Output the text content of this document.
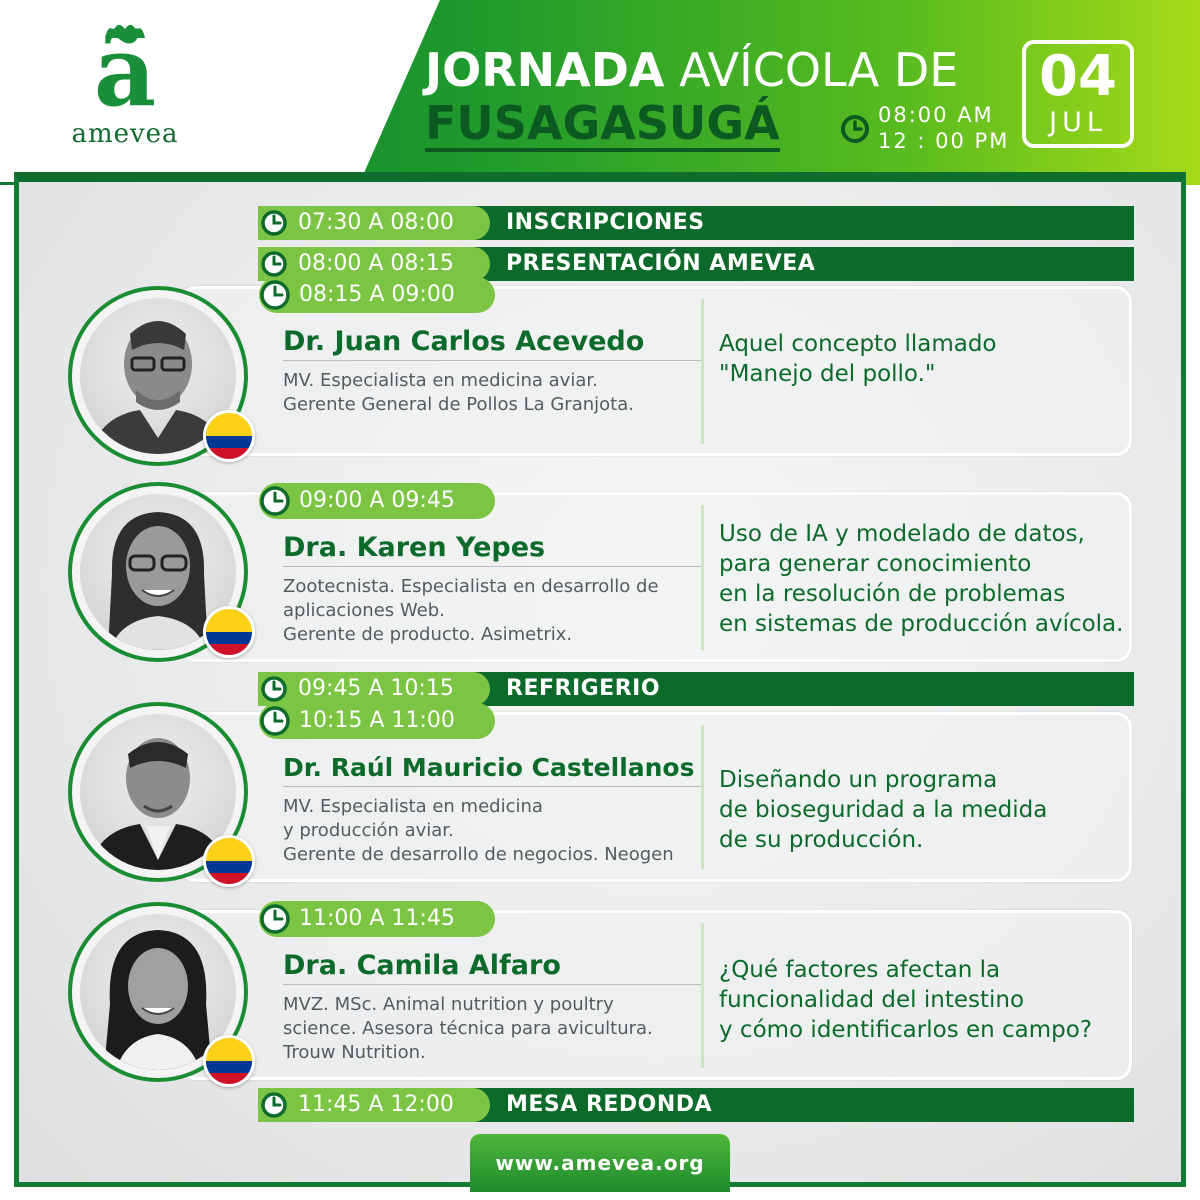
ã
amevea
JORNADA AVÍCOLA DE
FUSAGASUGÁ	08:00 AM
12 : 00 PM
04
JUL
07:30 A 08:00 INSCRIPCIONES
08:00 A 08:15 PRESENTACIÓN AMEVEA
08:15 A 09:00
Dr. Juan Carlos Acevedo
MV. Especialista en medicina aviar.
Gerente General de Pollos La Granjota.
Aquel concepto llamado
"Manejo del pollo."
09:00 A 09:45
Dra. Karen Yepes
Zootecnista. Especialista en desarrollo de
aplicaciones Web.
Gerente de producto. Asimetrix.
Uso de IA y modelado de datos,
para generar conocimiento
en la resolución de problemas
en sistemas de producción avícola.
09:45 A 10:15 REFRIGERIO
10:15 A 11:00
Dr. Raúl Mauricio Castellanos
MV. Especialista en medicina
y producción aviar.
Gerente de desarrollo de negocios. Neogen
Diseñando un programa
de bioseguridad a la medida
de su producción.
11:00 A 11:45
Dra. Camila Alfaro
MVZ. MSc. Animal nutrition y poultry
science. Asesora técnica para avicultura.
Trouw Nutrition.
¿Qué factores afectan la
funcionalidad del intestino
y cómo identificarlos en campo?
11:45 A 12:00 MESA REDONDA
www.amevea.org
